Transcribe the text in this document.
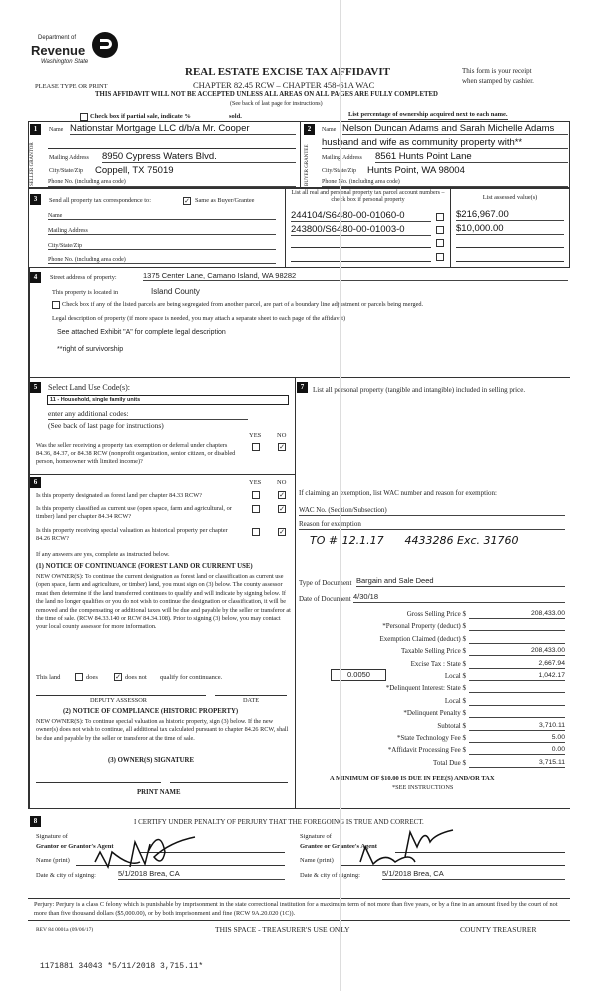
Department of
Revenue
Washington State
REAL ESTATE EXCISE TAX AFFIDAVIT
CHAPTER 82.45 RCW – CHAPTER 458-61A WAC
PLEASE TYPE OR PRINT
This form is your receipt
when stamped by cashier.
THIS AFFIDAVIT WILL NOT BE ACCEPTED UNLESS ALL AREAS ON ALL PAGES ARE FULLY COMPLETED
(See back of last page for instructions)
Check box if partial sale, indicate %	sold.	List percentage of ownership acquired next to each name.
1
SELLER GRANTOR
Name Nationstar Mortgage LLC d/b/a Mr. Cooper
Mailing Address 8950 Cypress Waters Blvd.
City/State/Zip Coppell, TX 75019
Phone No. (including area code)
2
BUYER GRANTEE
Name Nelson Duncan Adams and Sarah Michelle Adams
husband and wife as community property with**
Mailing Address 8561 Hunts Point Lane
City/State/Zip Hunts Point, WA 98004
Phone No. (including area code)
3	Send all property tax correspondence to:	✓ Same as Buyer/Grantee
Name
Mailing Address
City/State/Zip
Phone No. (including area code)
List all real and personal property tax parcel account numbers – check box if personal property	List assessed value(s)
244104/S6480-00-01060-0	$216,967.00
243800/S6480-00-01003-0	$10,000.00
4	Street address of property:	1375 Center Lane, Camano Island, WA 98282
This property is located in	Island County
Check box if any of the listed parcels are being segregated from another parcel, are part of a boundary line adjustment or parcels being merged.
Legal description of property (if more space is needed, you may attach a separate sheet to each page of the affidavit)
See attached Exhibit "A" for complete legal description
**right of survivorship
5	Select Land Use Code(s):
11 - Household, single family units
enter any additional codes:
(See back of last page for instructions)
YES NO
Was the seller receiving a property tax exemption or deferral under chapters 84.36, 84.37, or 84.38 RCW (nonprofit organization, senior citizen, or disabled person, homeowner with limited income)?
✓
6	YES NO
Is this property designated as forest land per chapter 84.33 RCW?	✓
Is this property classified as current use (open space, farm and agricultural, or timber) land per chapter 84.34 RCW?
✓
Is this property receiving special valuation as historical property per chapter 84.26 RCW?
✓
If any answers are yes, complete as instructed below.
(1) NOTICE OF CONTINUANCE (FOREST LAND OR CURRENT USE)
NEW OWNER(S): To continue the current designation as forest land or classification as current use (open space, farm and agriculture, or timber) land, you must sign on (3) below. The county assessor must then determine if the land transferred continues to qualify and will indicate by signing below. If the land no longer qualifies or you do not wish to continue the designation or classification, it will be removed and the compensating or additional taxes will be due and payable by the seller or transferor at the time of sale. (RCW 84.33.140 or RCW 84.34.108). Prior to signing (3) below, you may contact your local county assessor for more information.
This land	does ✓ does not qualify for continuance.
DEPUTY ASSESSOR	DATE
(2) NOTICE OF COMPLIANCE (HISTORIC PROPERTY)
NEW OWNER(S): To continue special valuation as historic property, sign (3) below. If the new owner(s) does not wish to continue, all additional tax calculated pursuant to chapter 84.26 RCW, shall be due and payable by the seller or transferor at the time of sale.
(3) OWNER(S) SIGNATURE
PRINT NAME
7	List all personal property (tangible and intangible) included in selling price.
If claiming an exemption, list WAC number and reason for exemption:
WAC No. (Section/Subsection)
Reason for exemption
TO # 12.1.17      4433286 Exc. 31760
Type of Document Bargain and Sale Deed
Date of Document 4/30/18
0.0050
Gross Selling Price $	208,433.00
*Personal Property (deduct) $
Exemption Claimed (deduct) $
Taxable Selling Price $	208,433.00
Excise Tax : State $	2,667.94
Local $	1,042.17
*Delinquent Interest: State $
Local $
*Delinquent Penalty $
Subtotal $	3,710.11
*State Technology Fee $	5.00
*Affidavit Processing Fee $	0.00
Total Due $	3,715.11
A MINIMUM OF $10.00 IS DUE IN FEE(S) AND/OR TAX
*SEE INSTRUCTIONS
8	I CERTIFY UNDER PENALTY OF PERJURY THAT THE FOREGOING IS TRUE AND CORRECT.
Signature of
Grantor or Grantor's Agent
Name (print)
Date & city of signing:	5/1/2018 Brea, CA
Signature of
Grantee or Grantee's Agent
Name (print)
Date & city of signing:	5/1/2018 Brea, CA
Perjury: Perjury is a class C felony which is punishable by imprisonment in the state correctional institution for a maximum term of not more than five years, or by a fine in an amount fixed by the court of not more than five thousand dollars ($5,000.00), or by both imprisonment and fine (RCW 9A.20.020 (1C)).
REV 84 0001a (09/06/17)	THIS SPACE - TREASURER'S USE ONLY	COUNTY TREASURER
1171881 34043 *5/11/2018 3,715.11*
